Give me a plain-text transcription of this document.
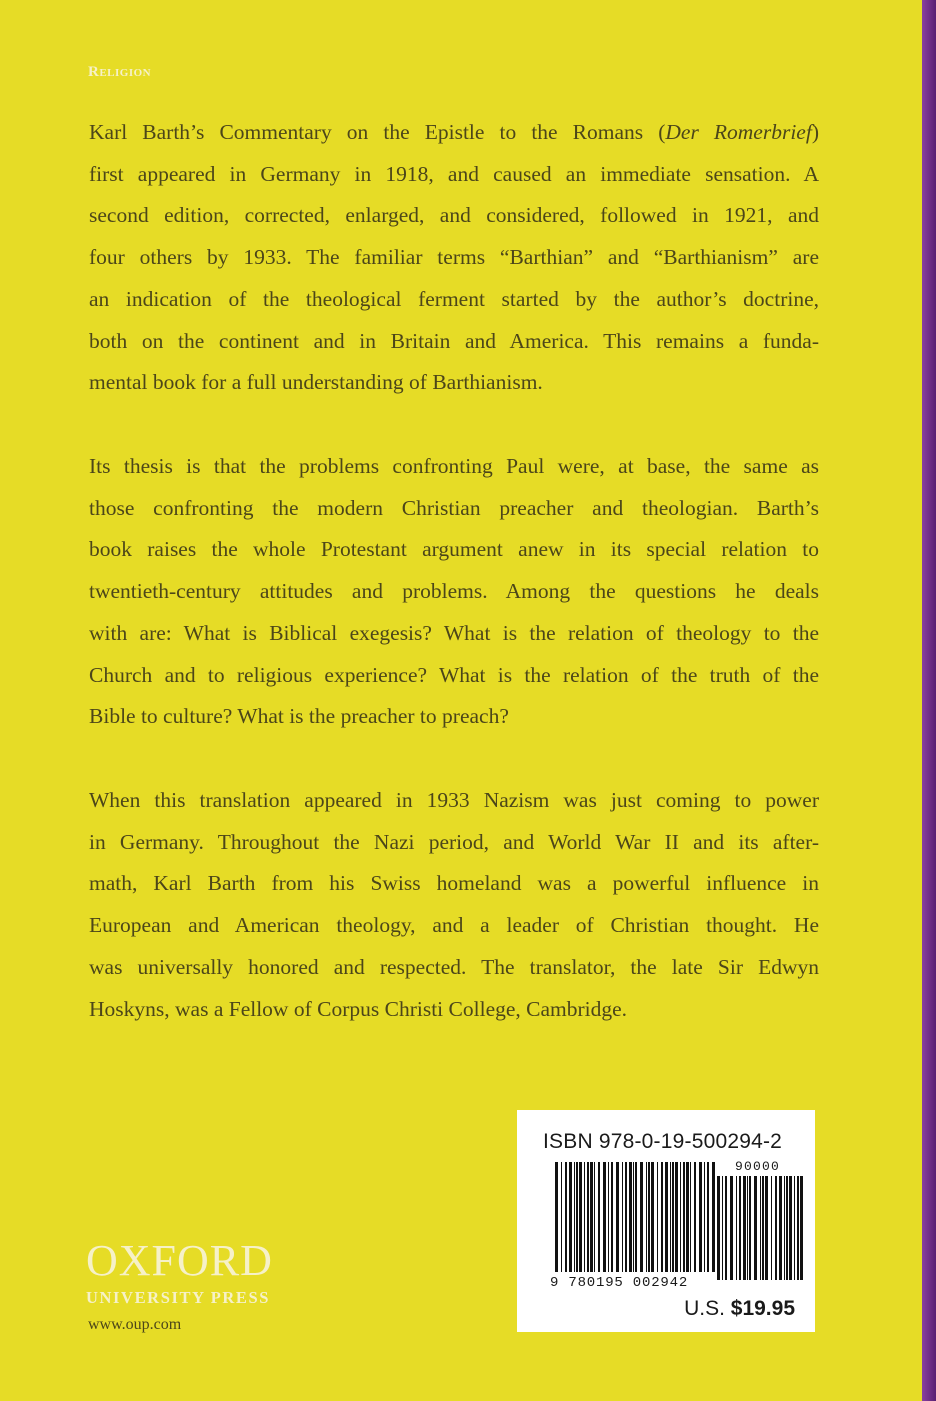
Religion

Karl Barth’s Commentary on the Epistle to the Romans (Der Romerbrief)
first appeared in Germany in 1918, and caused an immediate sensation. A
second edition, corrected, enlarged, and considered, followed in 1921, and
four others by 1933. The familiar terms “Barthian” and “Barthianism” are
an indication of the theological ferment started by the author’s doctrine,
both on the continent and in Britain and America. This remains a funda-
mental book for a full understanding of Barthianism.

Its thesis is that the problems confronting Paul were, at base, the same as
those confronting the modern Christian preacher and theologian. Barth’s
book raises the whole Protestant argument anew in its special relation to
twentieth-century attitudes and problems. Among the questions he deals
with are: What is Biblical exegesis? What is the relation of theology to the
Church and to religious experience? What is the relation of the truth of the
Bible to culture? What is the preacher to preach?

When this translation appeared in 1933 Nazism was just coming to power
in Germany. Throughout the Nazi period, and World War II and its after-
math, Karl Barth from his Swiss homeland was a powerful influence in
European and American theology, and a leader of Christian thought. He
was universally honored and respected. The translator, the late Sir Edwyn
Hoskyns, was a Fellow of Corpus Christi College, Cambridge.

ISBN 978-0-19-500294-2
90000
9 780195 002942
U.S. $19.95
OXFORD
UNIVERSITY PRESS
www.oup.com
